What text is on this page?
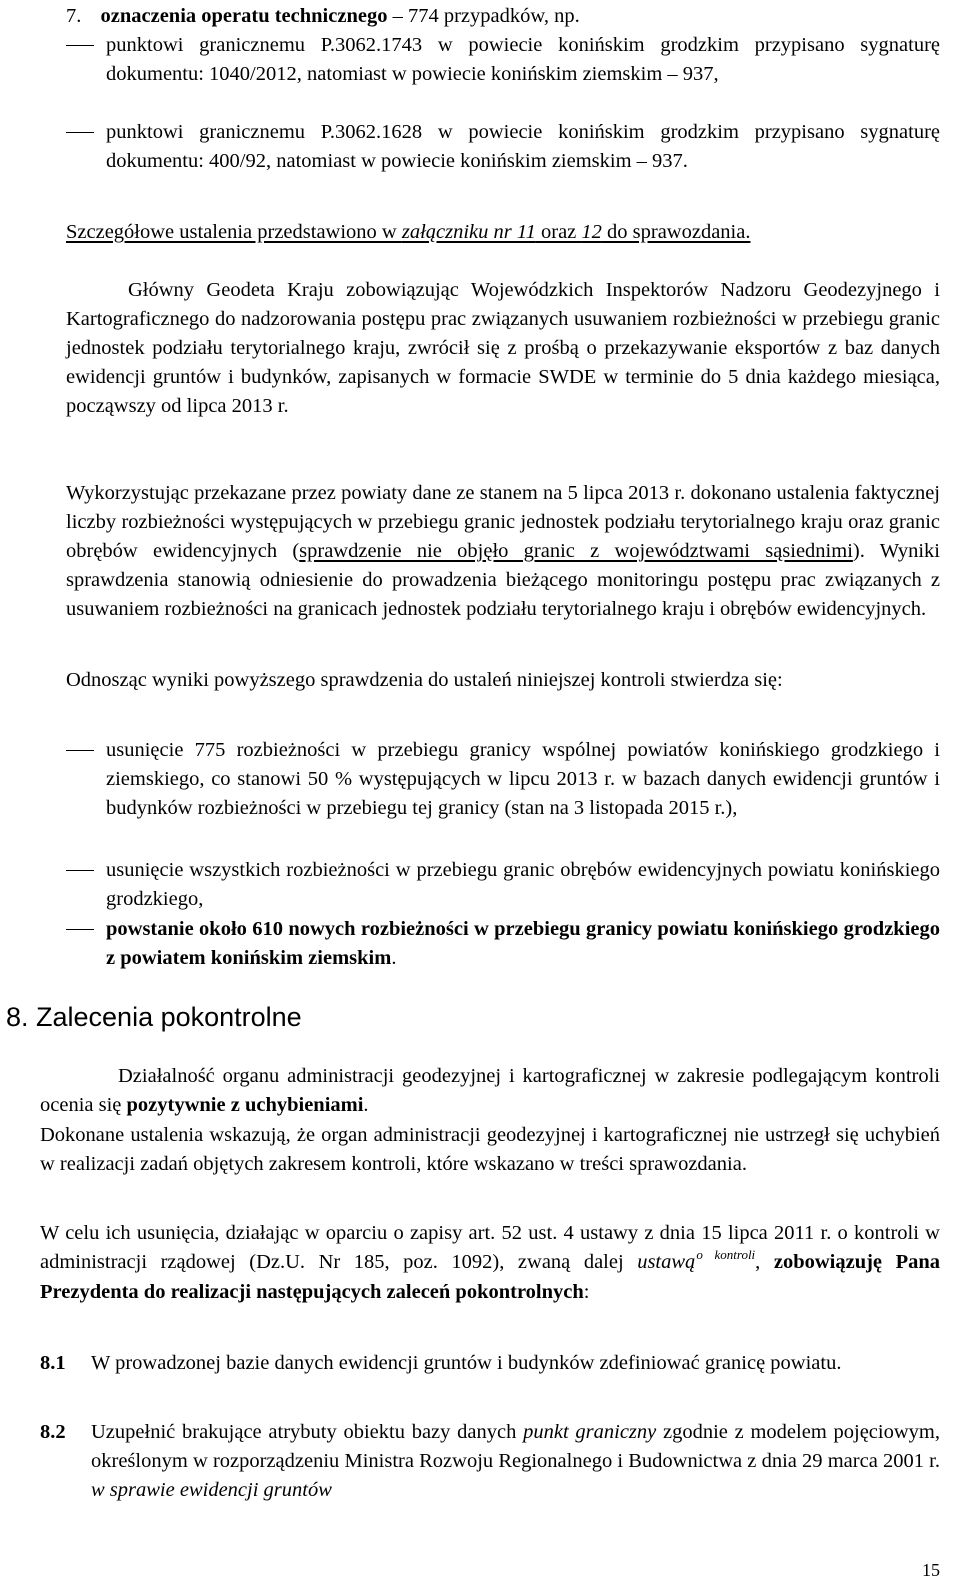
7. oznaczenia operatu technicznego – 774 przypadków, np.
punktowi granicznemu P.3062.1743 w powiecie konińskim grodzkim przypisano sygnaturę dokumentu: 1040/2012, natomiast w powiecie konińskim ziemskim – 937,
punktowi granicznemu P.3062.1628 w powiecie konińskim grodzkim przypisano sygnaturę dokumentu: 400/92, natomiast w powiecie konińskim ziemskim – 937.
Szczegółowe ustalenia przedstawiono w załączniku nr 11 oraz 12 do sprawozdania.
Główny Geodeta Kraju zobowiązując Wojewódzkich Inspektorów Nadzoru Geodezyjnego i Kartograficznego do nadzorowania postępu prac związanych usuwaniem rozbieżności w przebiegu granic jednostek podziału terytorialnego kraju, zwrócił się z prośbą o przekazywanie eksportów z baz danych ewidencji gruntów i budynków, zapisanych w formacie SWDE w terminie do 5 dnia każdego miesiąca, począwszy od lipca 2013 r.
Wykorzystując przekazane przez powiaty dane ze stanem na 5 lipca 2013 r. dokonano ustalenia faktycznej liczby rozbieżności występujących w przebiegu granic jednostek podziału terytorialnego kraju oraz granic obrębów ewidencyjnych (sprawdzenie nie objęło granic z województwami sąsiednimi). Wyniki sprawdzenia stanowią odniesienie do prowadzenia bieżącego monitoringu postępu prac związanych z usuwaniem rozbieżności na granicach jednostek podziału terytorialnego kraju i obrębów ewidencyjnych.
Odnosząc wyniki powyższego sprawdzenia do ustaleń niniejszej kontroli stwierdza się:
usunięcie 775 rozbieżności w przebiegu granicy wspólnej powiatów konińskiego grodzkiego i ziemskiego, co stanowi 50 % występujących w lipcu 2013 r. w bazach danych ewidencji gruntów i budynków rozbieżności w przebiegu tej granicy (stan na 3 listopada 2015 r.),
usunięcie wszystkich rozbieżności w przebiegu granic obrębów ewidencyjnych powiatu konińskiego grodzkiego,
powstanie około 610 nowych rozbieżności w przebiegu granicy powiatu konińskiego grodzkiego z powiatem konińskim ziemskim.
8. Zalecenia pokontrolne
Działalność organu administracji geodezyjnej i kartograficznej w zakresie podlegającym kontroli ocenia się pozytywnie z uchybieniami.
Dokonane ustalenia wskazują, że organ administracji geodezyjnej i kartograficznej nie ustrzegł się uchybień w realizacji zadań objętych zakresem kontroli, które wskazano w treści sprawozdania.
W celu ich usunięcia, działając w oparciu o zapisy art. 52 ust. 4 ustawy z dnia 15 lipca 2011 r. o kontroli w administracji rządowej (Dz.U. Nr 185, poz. 1092), zwaną dalej ustawą$^{o kontroli}$, zobowiązuję Pana Prezydenta do realizacji następujących zaleceń pokontrolnych:
8.1 W prowadzonej bazie danych ewidencji gruntów i budynków zdefiniować granicę powiatu.
8.2 Uzupełnić brakujące atrybuty obiektu bazy danych punkt graniczny zgodnie z modelem pojęciowym, określonym w rozporządzeniu Ministra Rozwoju Regionalnego i Budownictwa z dnia 29 marca 2001 r. w sprawie ewidencji gruntów
15
